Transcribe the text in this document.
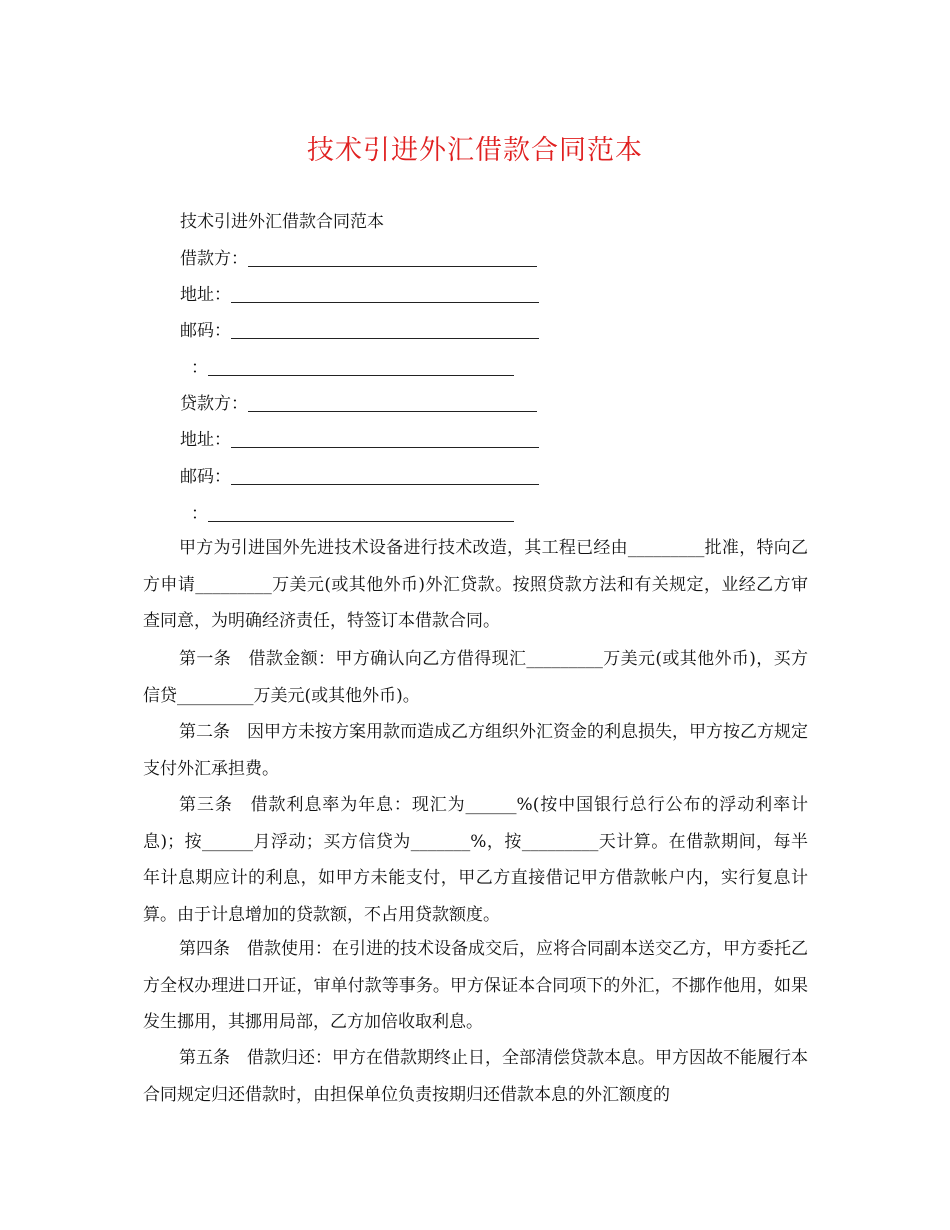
技术引进外汇借款合同范本
技术引进外汇借款合同范本
借款方：
地址：
邮码：
：
贷款方：
地址：
邮码：
：

甲方为引进国外先进技术设备进行技术改造，其工程已经由_________批准，特向乙方申请_________万美元(或其他外币)外汇贷款。按照贷款方法和有关规定，业经乙方审查同意，为明确经济责任，特签订本借款合同。

第一条　借款金额：甲方确认向乙方借得现汇_________万美元(或其他外币)，买方信贷_________万美元(或其他外币)。

第二条　因甲方未按方案用款而造成乙方组织外汇资金的利息损失，甲方按乙方规定支付外汇承担费。

第三条　借款利息率为年息：现汇为______%(按中国银行总行公布的浮动利率计息)；按______月浮动；买方信贷为_______%，按_________天计算。在借款期间，每半年计息期应计的利息，如甲方未能支付，甲乙方直接借记甲方借款帐户内，实行复息计算。由于计息增加的贷款额，不占用贷款额度。

第四条　借款使用：在引进的技术设备成交后，应将合同副本送交乙方，甲方委托乙方全权办理进口开证，审单付款等事务。甲方保证本合同项下的外汇，不挪作他用，如果发生挪用，其挪用局部，乙方加倍收取利息。

第五条　借款归还：甲方在借款期终止日，全部清偿贷款本息。甲方因故不能履行本合同规定归还借款时，由担保单位负责按期归还借款本息的外汇额度的
